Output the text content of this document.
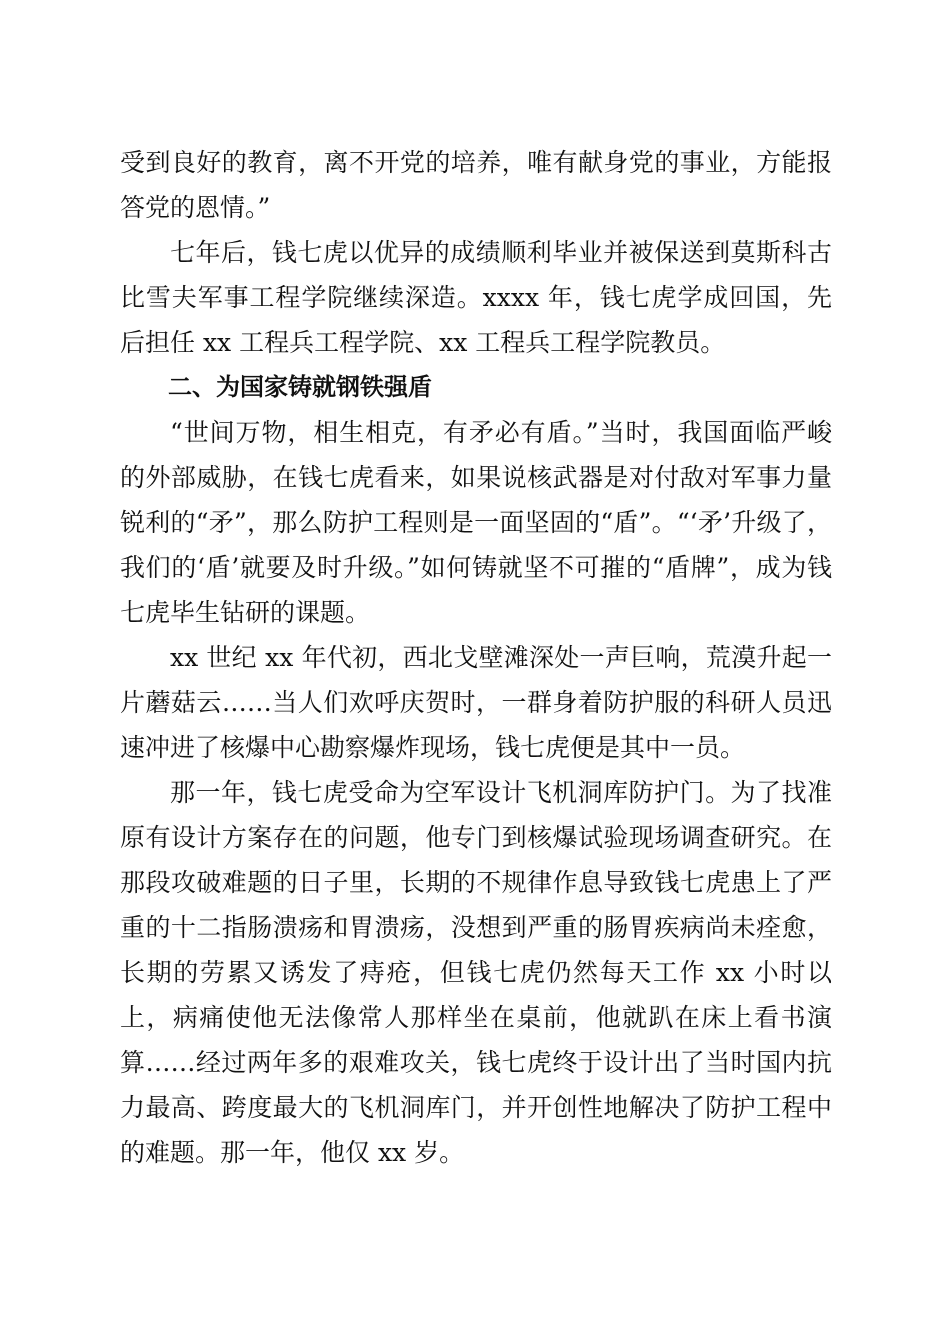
受到良好的教育，离不开党的培养，唯有献身党的事业，方能报答党的恩情。”

七年后，钱七虎以优异的成绩顺利毕业并被保送到莫斯科古比雪夫军事工程学院继续深造。xxxx 年，钱七虎学成回国，先后担任 xx 工程兵工程学院、xx 工程兵工程学院教员。

二、为国家铸就钢铁强盾

“世间万物，相生相克，有矛必有盾。”当时，我国面临严峻的外部威胁，在钱七虎看来，如果说核武器是对付敌对军事力量锐利的“矛”，那么防护工程则是一面坚固的“盾”。“‘矛’升级了，我们的‘盾’就要及时升级。”如何铸就坚不可摧的“盾牌”，成为钱七虎毕生钻研的课题。

xx 世纪 xx 年代初，西北戈壁滩深处一声巨响，荒漠升起一片蘑菇云……当人们欢呼庆贺时，一群身着防护服的科研人员迅速冲进了核爆中心勘察爆炸现场，钱七虎便是其中一员。

那一年，钱七虎受命为空军设计飞机洞库防护门。为了找准原有设计方案存在的问题，他专门到核爆试验现场调查研究。在那段攻破难题的日子里，长期的不规律作息导致钱七虎患上了严重的十二指肠溃疡和胃溃疡，没想到严重的肠胃疾病尚未痊愈，长期的劳累又诱发了痔疮，但钱七虎仍然每天工作 xx 小时以上，病痛使他无法像常人那样坐在桌前，他就趴在床上看书演算……经过两年多的艰难攻关，钱七虎终于设计出了当时国内抗力最高、跨度最大的飞机洞库门，并开创性地解决了防护工程中的难题。那一年，他仅 xx 岁。
